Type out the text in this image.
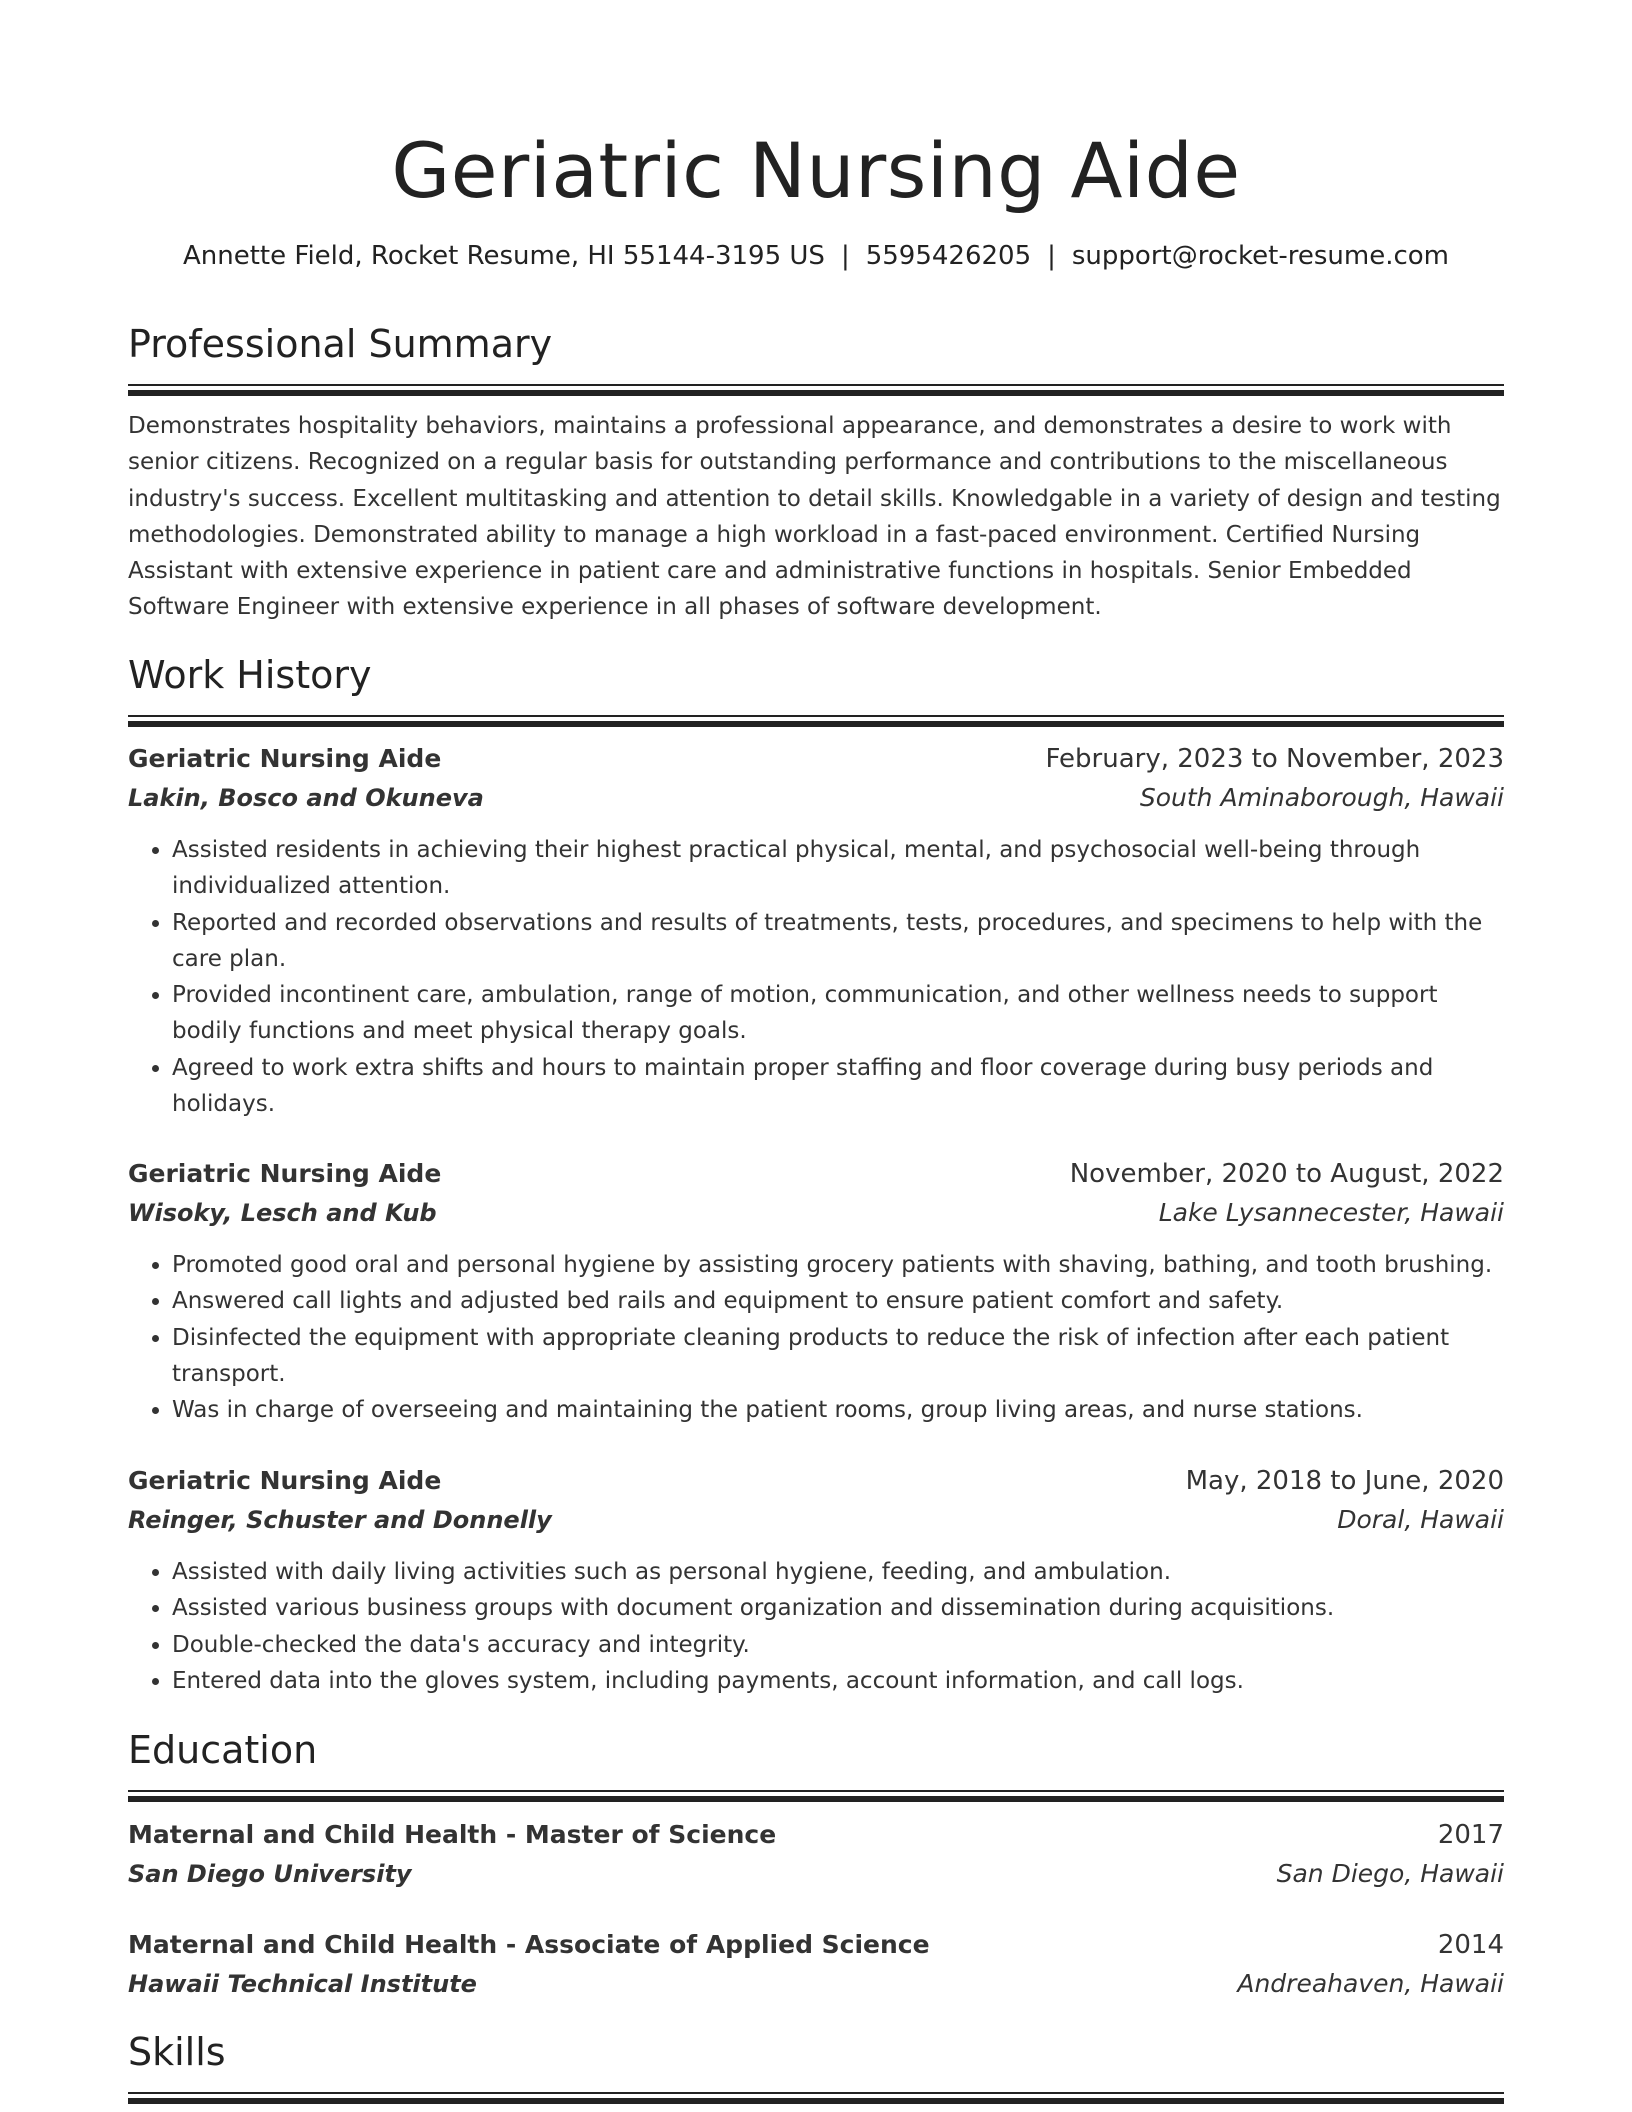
Geriatric Nursing Aide
Annette Field, Rocket Resume, HI 55144-3195 US | 5595426205 | support@rocket-resume.com
Professional Summary

Demonstrates hospitality behaviors, maintains a professional appearance, and demonstrates a desire to work with senior citizens. Recognized on a regular basis for outstanding performance and contributions to the miscellaneous industry's success. Excellent multitasking and attention to detail skills. Knowledgable in a variety of design and testing methodologies. Demonstrated ability to manage a high workload in a fast-paced environment. Certified Nursing Assistant with extensive experience in patient care and administrative functions in hospitals. Senior Embedded Software Engineer with extensive experience in all phases of software development.

Work History
Geriatric Nursing Aide	February, 2023 to November, 2023
Lakin, Bosco and Okuneva	South Aminaborough, Hawaii
• Assisted residents in achieving their highest practical physical, mental, and psychosocial well-being through individualized attention.
• Reported and recorded observations and results of treatments, tests, procedures, and specimens to help with the care plan.
• Provided incontinent care, ambulation, range of motion, communication, and other wellness needs to support bodily functions and meet physical therapy goals.
• Agreed to work extra shifts and hours to maintain proper staffing and floor coverage during busy periods and holidays.
Geriatric Nursing Aide	November, 2020 to August, 2022
Wisoky, Lesch and Kub	Lake Lysannecester, Hawaii
• Promoted good oral and personal hygiene by assisting grocery patients with shaving, bathing, and tooth brushing.
• Answered call lights and adjusted bed rails and equipment to ensure patient comfort and safety.
• Disinfected the equipment with appropriate cleaning products to reduce the risk of infection after each patient transport.
• Was in charge of overseeing and maintaining the patient rooms, group living areas, and nurse stations.
Geriatric Nursing Aide	May, 2018 to June, 2020
Reinger, Schuster and Donnelly	Doral, Hawaii
• Assisted with daily living activities such as personal hygiene, feeding, and ambulation.
• Assisted various business groups with document organization and dissemination during acquisitions.
• Double-checked the data's accuracy and integrity.
• Entered data into the gloves system, including payments, account information, and call logs.
Education
Maternal and Child Health - Master of Science	2017
San Diego University	San Diego, Hawaii
Maternal and Child Health - Associate of Applied Science	2014
Hawaii Technical Institute	Andreahaven, Hawaii
Skills
